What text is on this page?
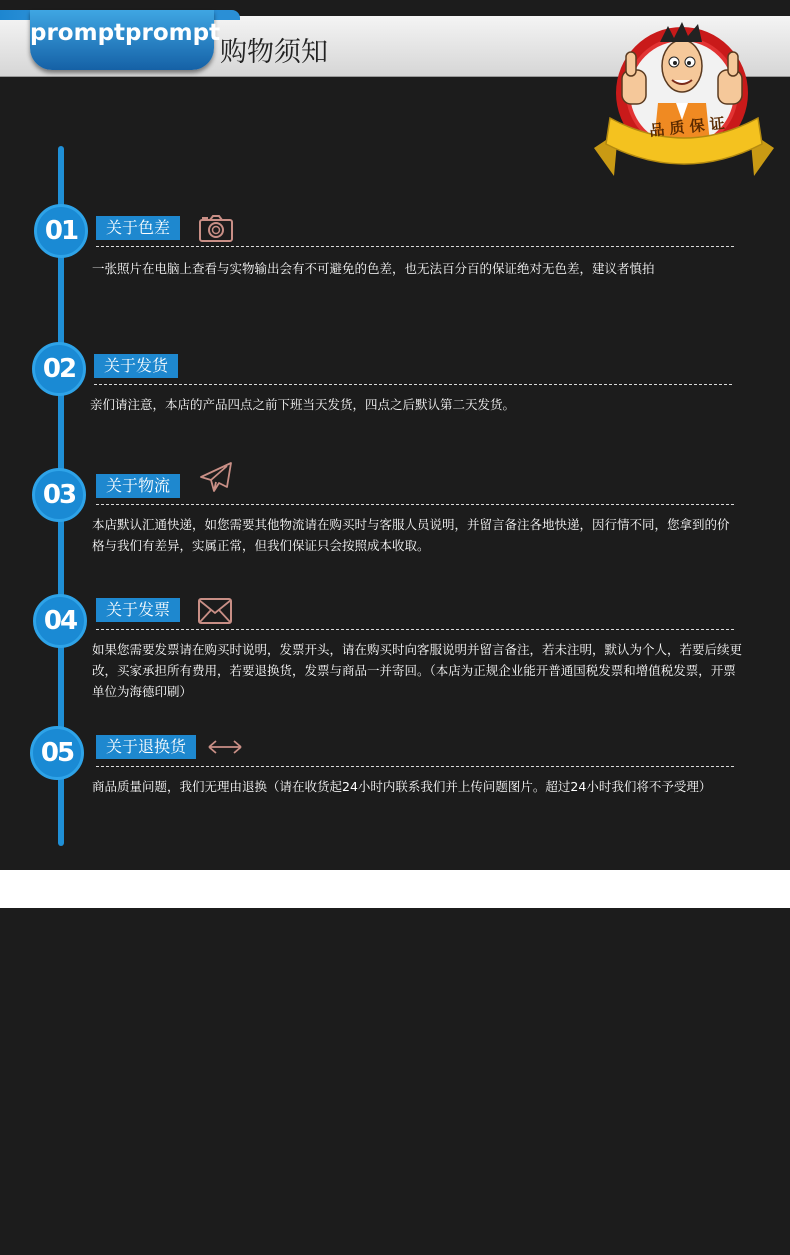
promptprompt
购物须知
品 质 保 证
01	关于色差
一张照片在电脑上查看与实物输出会有不可避免的色差，也无法百分百的保证绝对无色差，建议者慎拍
02	关于发货
亲们请注意，本店的产品四点之前下班当天发货，四点之后默认第二天发货。
03	关于物流
本店默认汇通快递，如您需要其他物流请在购买时与客服人员说明，并留言备注各地快递，因行情不同，您拿到的价格与我们有差异，实属正常，但我们保证只会按照成本收取。
04	关于发票
如果您需要发票请在购买时说明，发票开头，请在购买时向客服说明并留言备注，若未注明，默认为个人，若要后续更改，买家承担所有费用，若要退换货，发票与商品一并寄回。（本店为正规企业能开普通国税发票和增值税发票，开票单位为海德印刷）
05	关于退换货
商品质量问题，我们无理由退换（请在收货起24小时内联系我们并上传问题图片。超过24小时我们将不予受理）
